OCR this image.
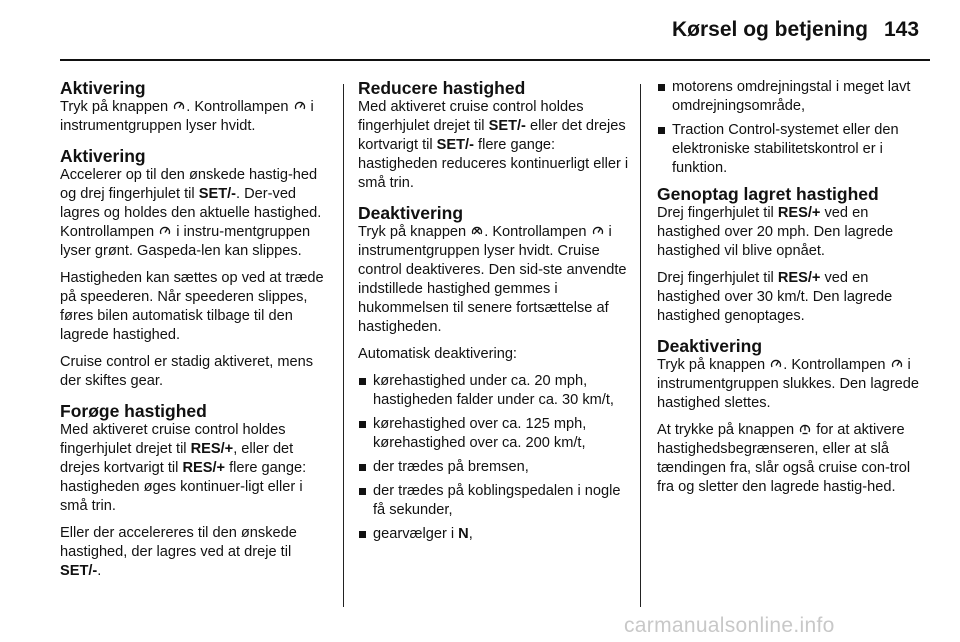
Kørsel og betjening 143
Aktivering

Tryk på knappen . Kontrollampen  i instrumentgruppen lyser hvidt.

Aktivering

Accelerer op til den ønskede hastig-hed og drej fingerhjulet til SET/-. Der-ved lagres og holdes den aktuelle hastighed. Kontrollampen  i instru-mentgruppen lyser grønt. Gaspeda-len kan slippes.

Hastigheden kan sættes op ved at træde på speederen. Når speederen slippes, føres bilen automatisk tilbage til den lagrede hastighed.

Cruise control er stadig aktiveret, mens der skiftes gear.

Forøge hastighed

Med aktiveret cruise control holdes fingerhjulet drejet til RES/+, eller det drejes kortvarigt til RES/+ flere gange: hastigheden øges kontinuer-ligt eller i små trin.

Eller der accelereres til den ønskede hastighed, der lagres ved at dreje til SET/-.

Reducere hastighed

Med aktiveret cruise control holdes fingerhjulet drejet til SET/- eller det drejes kortvarigt til SET/- flere gange: hastigheden reduceres kontinuerligt eller i små trin.

Deaktivering

Tryk på knappen . Kontrollampen  i instrumentgruppen lyser hvidt. Cruise control deaktiveres. Den sid-ste anvendte indstillede hastighed gemmes i hukommelsen til senere fortsættelse af hastigheden.

Automatisk deaktivering:

kørehastighed under ca. 20 mph, hastigheden falder under ca. 30 km/t,
kørehastighed over ca. 125 mph, kørehastighed over ca. 200 km/t,
der trædes på bremsen,
der trædes på koblingspedalen i nogle få sekunder,
gearvælger i N,
motorens omdrejningstal i meget lavt omdrejningsområde,
Traction Control-systemet eller den elektroniske stabilitetskontrol er i funktion.
Genoptag lagret hastighed

Drej fingerhjulet til RES/+ ved en hastighed over 20 mph. Den lagrede hastighed vil blive opnået.

Drej fingerhjulet til RES/+ ved en hastighed over 30 km/t. Den lagrede hastighed genoptages.

Deaktivering

Tryk på knappen . Kontrollampen  i instrumentgruppen slukkes. Den lagrede hastighed slettes.

At trykke på knappen  for at aktivere hastighedsbegrænseren, eller at slå tændingen fra, slår også cruise con-trol fra og sletter den lagrede hastig-hed.

carmanualsonline.info
